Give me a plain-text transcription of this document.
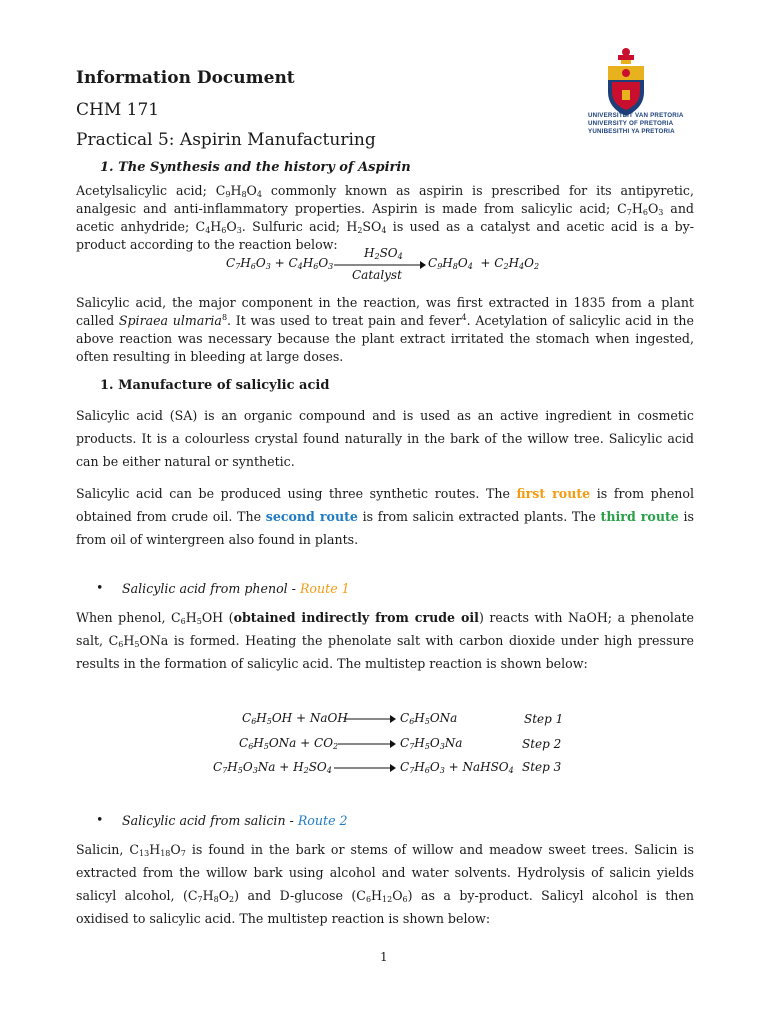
Information Document
CHM 171
Practical 5: Aspirin Manufacturing
UNIVERSITEIT VAN PRETORIA
UNIVERSITY OF PRETORIA
YUNIBESITHI YA PRETORIA
1. The Synthesis and the history of Aspirin
Acetylsalicylic acid; $C_9H_8O_4$ commonly known as aspirin is prescribed for its antipyretic, analgesic and anti-inflammatory properties. Aspirin is made from salicylic acid; $C_7H_6O_3$ and acetic anhydride; $C_4H_6O_3$. Sulfuric acid; $H_2SO_4$ is used as a catalyst and acetic acid is a by-product according to the reaction below:
$C_7H_6O_3 + C_4H_6O_3$
$H_2SO_4$
Catalyst
$C_9H_8O_4 + C_2H_4O_2$
Salicylic acid, the major component in the reaction, was first extracted in 1835 from a plant called Spiraea ulmaria$^8$. It was used to treat pain and fever$^4$. Acetylation of salicylic acid in the above reaction was necessary because the plant extract irritated the stomach when ingested, often resulting in bleeding at large doses.
1. Manufacture of salicylic acid
Salicylic acid (SA) is an organic compound and is used as an active ingredient in cosmetic products. It is a colourless crystal found naturally in the bark of the willow tree. Salicylic acid can be either natural or synthetic.
Salicylic acid can be produced using three synthetic routes. The first route is from phenol obtained from crude oil. The second route is from salicin extracted plants. The third route is from oil of wintergreen also found in plants.
• Salicylic acid from phenol - Route 1
When phenol, $C_6H_5OH$ (obtained indirectly from crude oil) reacts with NaOH; a phenolate salt, $C_6H_5ONa$ is formed. Heating the phenolate salt with carbon dioxide under high pressure results in the formation of salicylic acid. The multistep reaction is shown below:
$C_6H_5OH$ + NaOH	$C_6H_5ONa$	Step 1
$C_6H_5ONa + CO_2$	$C_7H_5O_3Na$	Step 2
$C_7H_5O_3Na + H_2SO_4$	$C_7H_6O_3$ + NaHSO$_4$ Step 3
• Salicylic acid from salicin - Route 2
Salicin, $C_{13}H_{18}O_7$ is found in the bark or stems of willow and meadow sweet trees. Salicin is extracted from the willow bark using alcohol and water solvents. Hydrolysis of salicin yields salicyl alcohol, $(C_7H_8O_2)$ and D-glucose $(C_6H_{12}O_6)$ as a by-product. Salicyl alcohol is then oxidised to salicylic acid. The multistep reaction is shown below:
1
